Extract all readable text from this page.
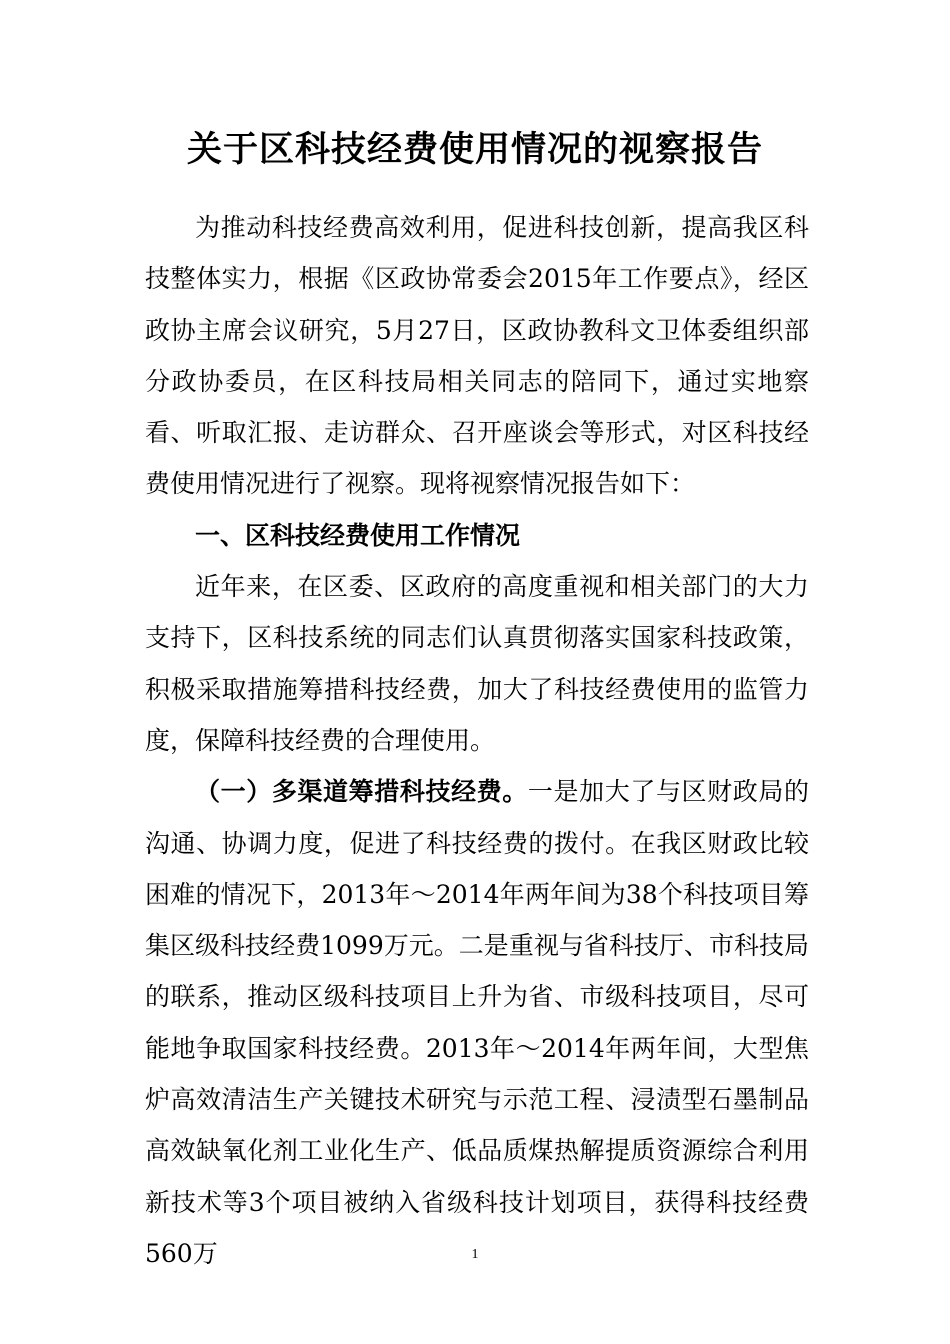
关于区科技经费使用情况的视察报告

为推动科技经费高效利用，促进科技创新，提高我区科技整体实力，根据《区政协常委会2015年工作要点》，经区政协主席会议研究，5月27日，区政协教科文卫体委组织部分政协委员，在区科技局相关同志的陪同下，通过实地察看、听取汇报、走访群众、召开座谈会等形式，对区科技经费使用情况进行了视察。现将视察情况报告如下：

一、区科技经费使用工作情况

近年来，在区委、区政府的高度重视和相关部门的大力支持下，区科技系统的同志们认真贯彻落实国家科技政策，积极采取措施筹措科技经费，加大了科技经费使用的监管力度，保障科技经费的合理使用。

（一）多渠道筹措科技经费。一是加大了与区财政局的沟通、协调力度，促进了科技经费的拨付。在我区财政比较困难的情况下，2013年～2014年两年间为38个科技项目筹集区级科技经费1099万元。二是重视与省科技厅、市科技局的联系，推动区级科技项目上升为省、市级科技项目，尽可能地争取国家科技经费。2013年～2014年两年间，大型焦炉高效清洁生产关键技术研究与示范工程、浸渍型石墨制品高效缺氧化剂工业化生产、低品质煤热解提质资源综合利用新技术等3个项目被纳入省级科技计划项目，获得科技经费560万	1
